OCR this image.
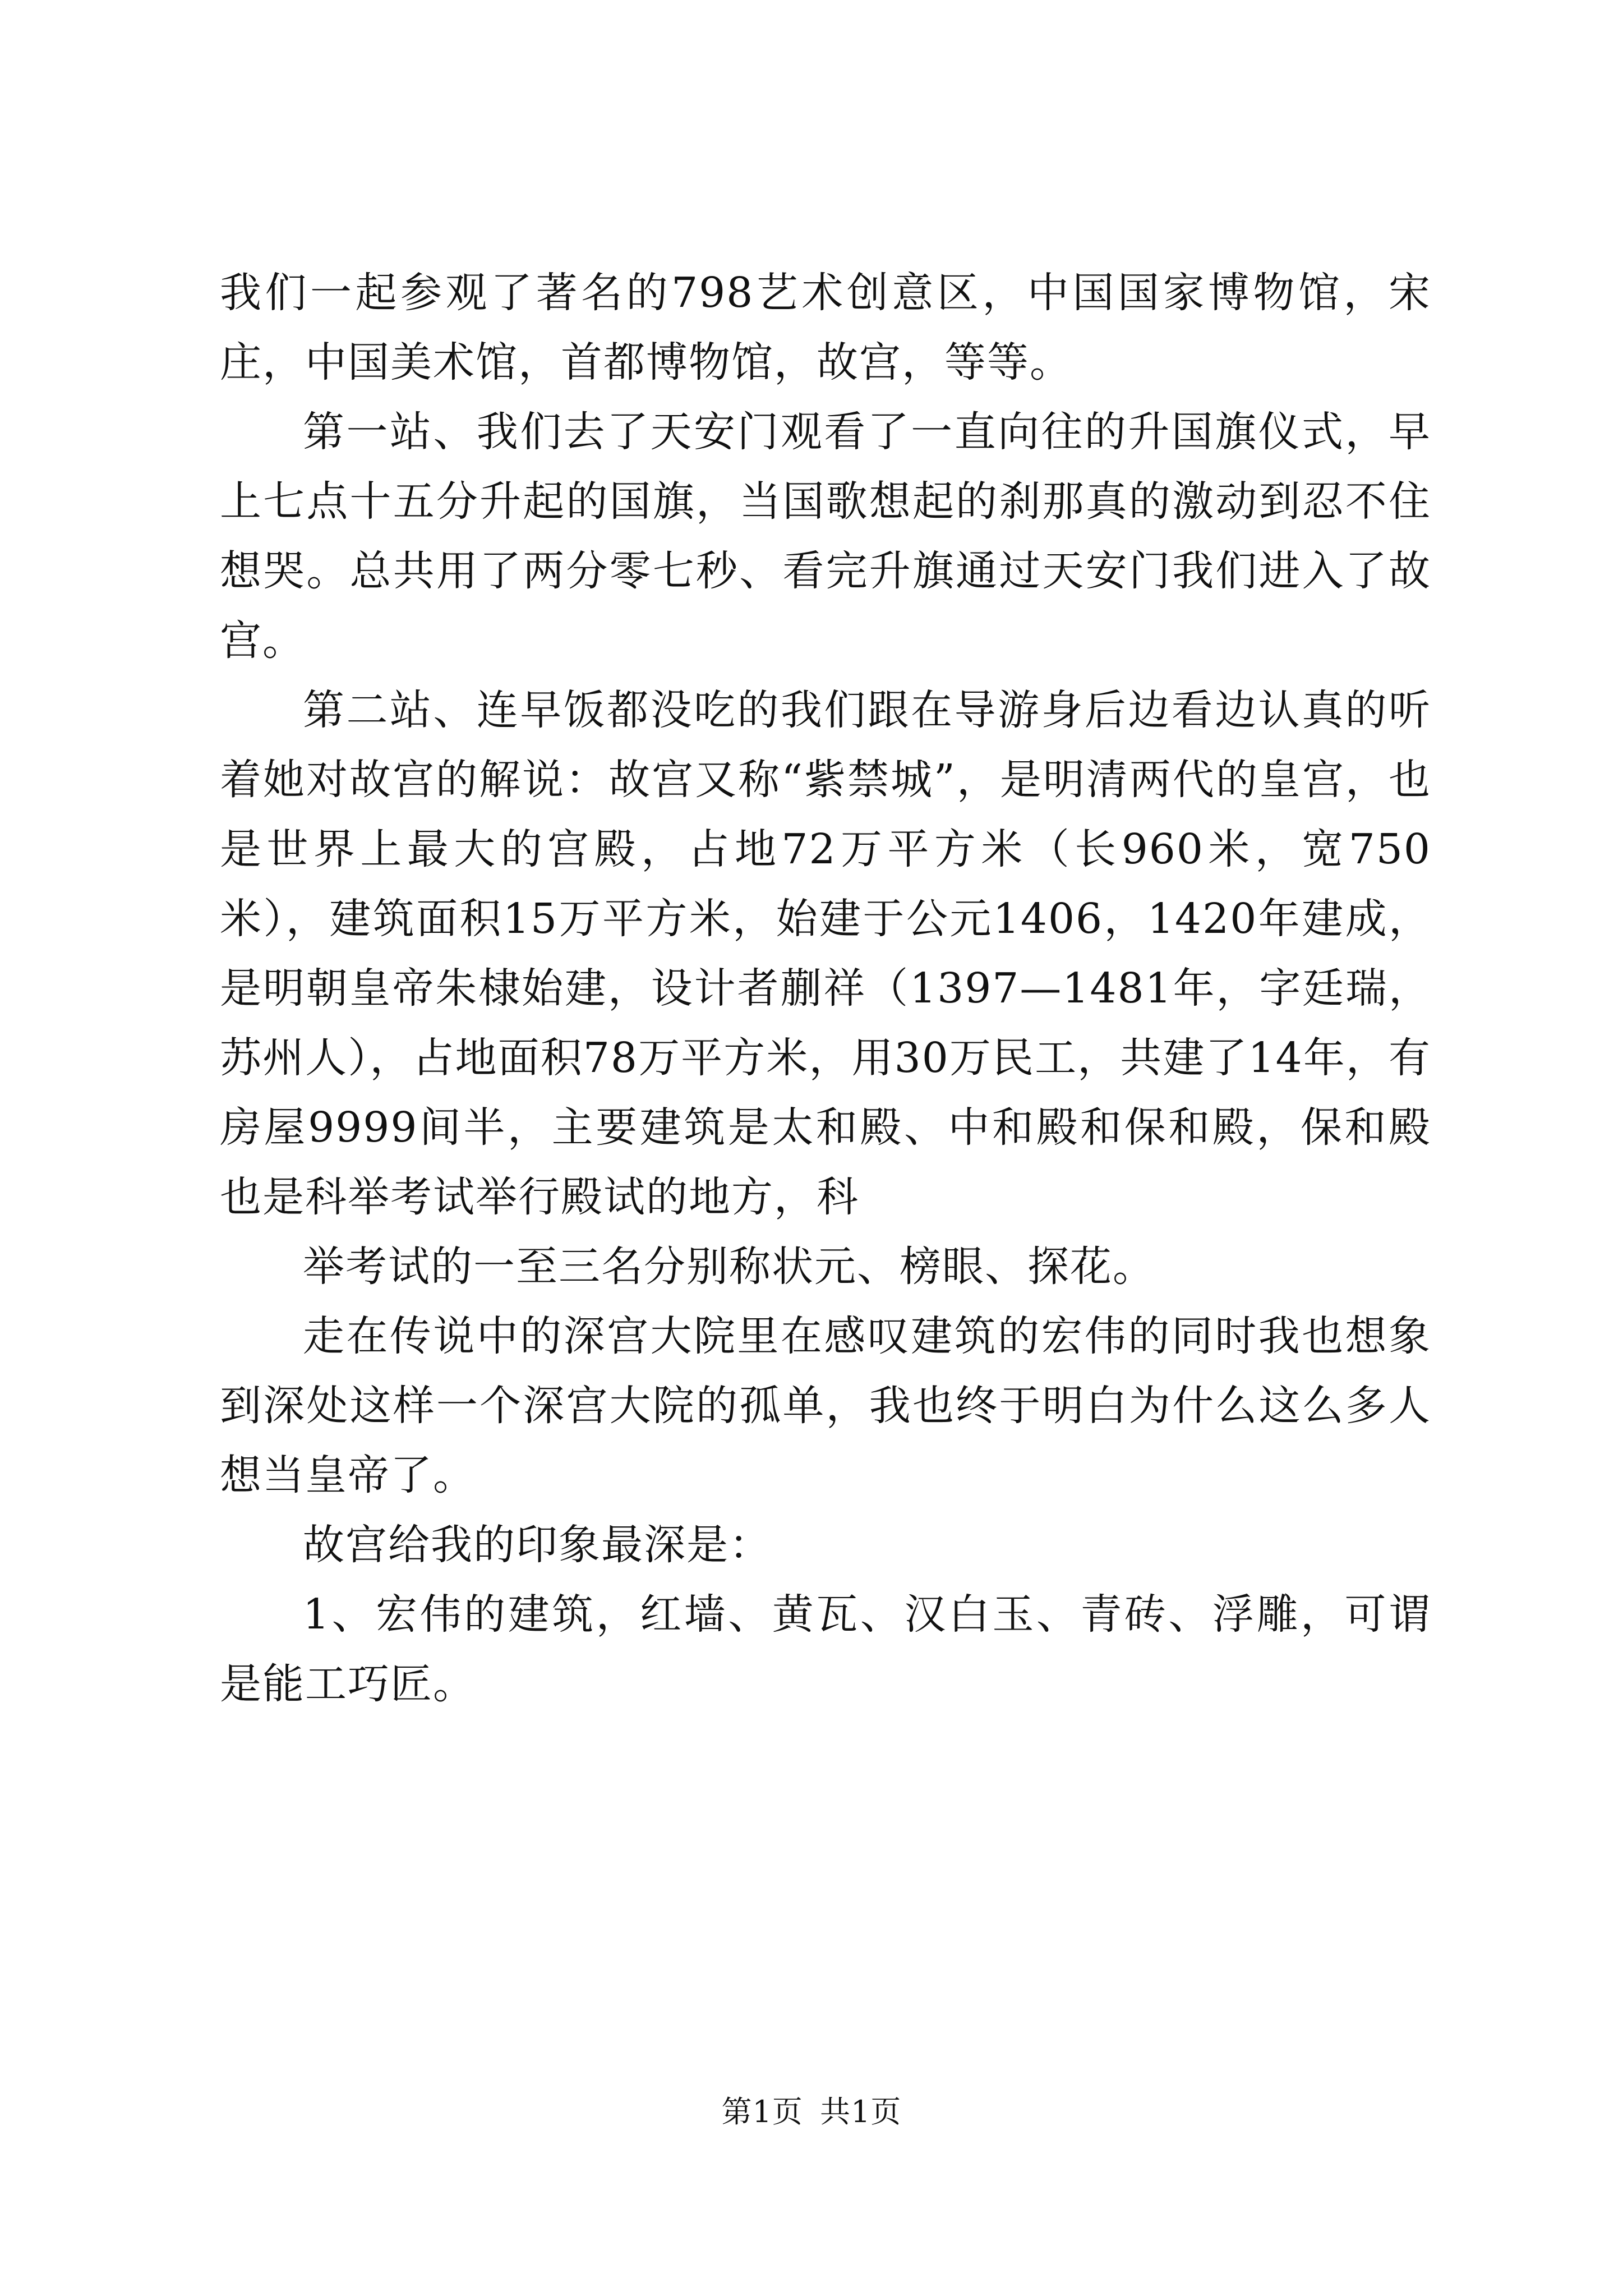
我们一起参观了著名的798艺术创意区，中国国家博物馆，宋庄，中国美术馆，首都博物馆，故宫，等等。

第一站、我们去了天安门观看了一直向往的升国旗仪式，早上七点十五分升起的国旗，当国歌想起的刹那真的激动到忍不住想哭。总共用了两分零七秒、看完升旗通过天安门我们进入了故宫。

第二站、连早饭都没吃的我们跟在导游身后边看边认真的听着她对故宫的解说：故宫又称“紫禁城”，是明清两代的皇宫，也是世界上最大的宫殿，占地72万平方米（长960米，宽750米），建筑面积15万平方米，始建于公元1406，1420年建成，是明朝皇帝朱棣始建，设计者蒯祥（1397—1481年，字廷瑞，苏州人），占地面积78万平方米，用30万民工，共建了14年，有房屋9999间半，主要建筑是太和殿、中和殿和保和殿，保和殿也是科举考试举行殿试的地方，科

举考试的一至三名分别称状元、榜眼、探花。

走在传说中的深宫大院里在感叹建筑的宏伟的同时我也想象到深处这样一个深宫大院的孤单，我也终于明白为什么这么多人想当皇帝了。

故宫给我的印象最深是：

1、宏伟的建筑，红墙、黄瓦、汉白玉、青砖、浮雕，可谓是能工巧匠。

第1页 共1页
